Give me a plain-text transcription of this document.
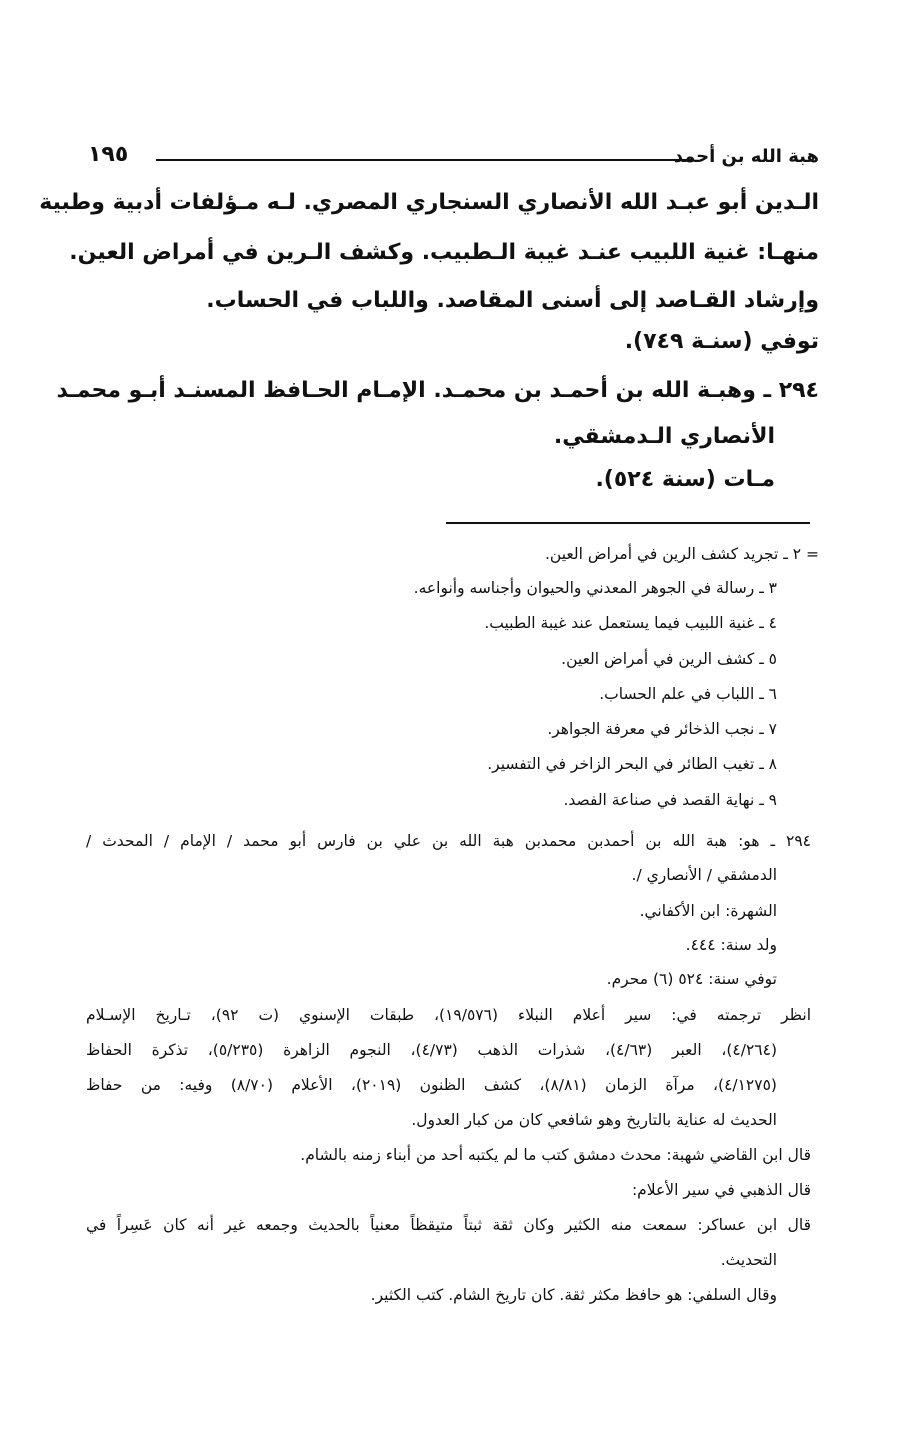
هبة الله بن أحمد
١٩٥
الـدين أبو عبـد الله الأنصاري السنجاري المصري. لـه مـؤلفات أدبية وطبية
منهـا: غنية اللبيب عنـد غيبة الـطبيب. وكشف الـرين في أمراض العين.
وإرشاد القـاصد إلى أسنى المقاصد. واللباب في الحساب.
توفي (سنـة ٧٤٩).
٢٩٤ ـ وهبـة الله بن أحمـد بن محمـد. الإمـام الحـافظ المسنـد أبـو محمـد
الأنصاري الـدمشقي.
مـات (سنة ٥٢٤).
= ٢ ـ تجريد كشف الرين في أمراض العين.
٣ ـ رسالة في الجوهر المعدني والحيوان وأجناسه وأنواعه.
٤ ـ غنية اللبيب فيما يستعمل عند غيبة الطبيب.
٥ ـ كشف الرين في أمراض العين.
٦ ـ اللباب في علم الحساب.
٧ ـ نجب الذخائر في معرفة الجواهر.
٨ ـ تغيب الطائر في البحر الزاخر في التفسير.
٩ ـ نهاية القصد في صناعة الفصد.
٢٩٤ ـ هو: هبة الله بن أحمدبن محمدبن هبة الله بن علي بن فارس أبو محمد / الإمام / المحدث /
الدمشقي / الأنصاري /.
الشهرة: ابن الأكفاني.
ولد سنة: ٤٤٤.
توفي سنة: ٥٢٤ (٦) محرم.
انظر ترجمته في: سير أعلام النبلاء (١٩/٥٧٦)، طبقات الإسنوي (ت ٩٢)، تـاريخ الإسـلام
(٤/٢٦٤)، العبر (٤/٦٣)، شذرات الذهب (٤/٧٣)، النجوم الزاهرة (٥/٢٣٥)، تذكرة الحفاظ
(٤/١٢٧٥)، مرآة الزمان (٨/٨١)، كشف الظنون (٢٠١٩)، الأعلام (٨/٧٠) وفيه: من حفاظ
الحديث له عناية بالتاريخ وهو شافعي كان من كبار العدول.
قال ابن القاضي شهبة: محدث دمشق كتب ما لم يكتبه أحد من أبناء زمنه بالشام.
قال الذهبي في سير الأعلام:
قال ابن عساكر: سمعت منه الكثير وكان ثقة ثبتاً متيقظاً معنياً بالحديث وجمعه غير أنه كان عَسِراً في
التحديث.
وقال السلفي: هو حافظ مكثر ثقة. كان تاريخ الشام. كتب الكثير.
